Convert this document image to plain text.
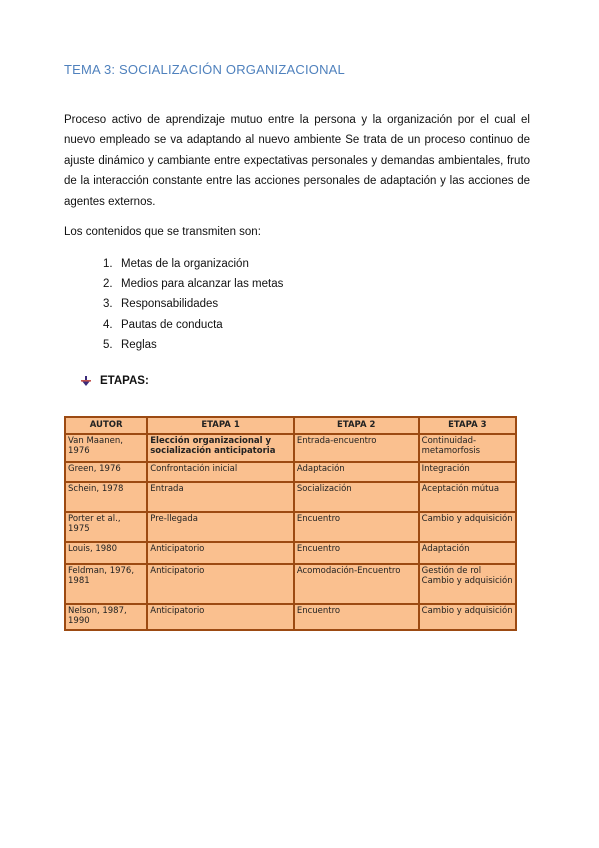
TEMA 3: SOCIALIZACIÓN ORGANIZACIONAL
Proceso activo de aprendizaje mutuo entre la persona y la organización por el cual el nuevo empleado se va adaptando al nuevo ambiente Se trata de un proceso continuo de ajuste dinámico y cambiante entre expectativas personales y demandas ambientales, fruto de la interacción constante entre las acciones personales de adaptación y las acciones de agentes externos.
Los contenidos que se transmiten son:
1. Metas de la organización
2. Medios para alcanzar las metas
3. Responsabilidades
4. Pautas de conducta
5. Reglas
ETAPAS:
AUTOR	ETAPA 1	ETAPA 2	ETAPA 3
Van Maanen, 1976	Elección organizacional y socialización anticipatoria	Entrada-encuentro	Continuidad-metamorfosis
Green, 1976	Confrontación inicial	Adaptación	Integración
Schein, 1978	Entrada	Socialización	Aceptación mútua
Porter et al., 1975	Pre-llegada	Encuentro	Cambio y adquisición
Louis, 1980	Anticipatorio	Encuentro	Adaptación
Feldman, 1976, 1981	Anticipatorio	Acomodación-Encuentro	Gestión de rol Cambio y adquisición
Nelson, 1987, 1990	Anticipatorio	Encuentro	Cambio y adquisición
